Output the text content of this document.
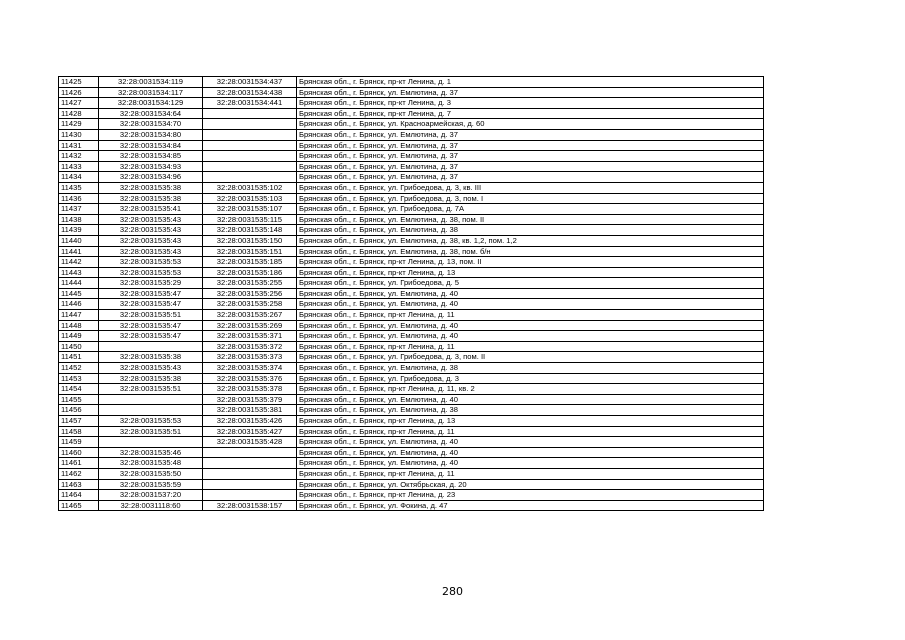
11425	32:28:0031534:119	32:28:0031534:437	Брянская обл., г. Брянск, пр-кт Ленина, д. 1
11426	32:28:0031534:117	32:28:0031534:438	Брянская обл., г. Брянск, ул. Емлютина, д. 37
11427	32:28:0031534:129	32:28:0031534:441	Брянская обл., г. Брянск, пр-кт Ленина, д. 3
11428	32:28:0031534:64		Брянская обл., г. Брянск, пр-кт Ленина, д. 7
11429	32:28:0031534:70		Брянская обл., г. Брянск, ул. Красноармейская, д. 60
11430	32:28:0031534:80		Брянская обл., г. Брянск, ул. Емлютина, д. 37
11431	32:28:0031534:84		Брянская обл., г. Брянск, ул. Емлютина, д. 37
11432	32:28:0031534:85		Брянская обл., г. Брянск, ул. Емлютина, д. 37
11433	32:28:0031534:93		Брянская обл., г. Брянск, ул. Емлютина, д. 37
11434	32:28:0031534:96		Брянская обл., г. Брянск, ул. Емлютина, д. 37
11435	32:28:0031535:38	32:28:0031535:102	Брянская обл., г. Брянск, ул. Грибоедова, д. 3, кв. III
11436	32:28:0031535:38	32:28:0031535:103	Брянская обл., г. Брянск, ул. Грибоедова, д. 3, пом. I
11437	32:28:0031535:41	32:28:0031535:107	Брянская обл., г. Брянск, ул. Грибоедова, д. 7А
11438	32:28:0031535:43	32:28:0031535:115	Брянская обл., г. Брянск, ул. Емлютина, д. 38, пом. II
11439	32:28:0031535:43	32:28:0031535:148	Брянская обл., г. Брянск, ул. Емлютина, д. 38
11440	32:28:0031535:43	32:28:0031535:150	Брянская обл., г. Брянск, ул. Емлютина, д. 38, кв. 1,2, пом. 1,2
11441	32:28:0031535:43	32:28:0031535:151	Брянская обл., г. Брянск, ул. Емлютина, д. 38, пом. б/н
11442	32:28:0031535:53	32:28:0031535:185	Брянская обл., г. Брянск, пр-кт Ленина, д. 13, пом. II
11443	32:28:0031535:53	32:28:0031535:186	Брянская обл., г. Брянск, пр-кт Ленина, д. 13
11444	32:28:0031535:29	32:28:0031535:255	Брянская обл., г. Брянск, ул. Грибоедова, д. 5
11445	32:28:0031535:47	32:28:0031535:256	Брянская обл., г. Брянск, ул. Емлютина, д. 40
11446	32:28:0031535:47	32:28:0031535:258	Брянская обл., г. Брянск, ул. Емлютина, д. 40
11447	32:28:0031535:51	32:28:0031535:267	Брянская обл., г. Брянск, пр-кт Ленина, д. 11
11448	32:28:0031535:47	32:28:0031535:269	Брянская обл., г. Брянск, ул. Емлютина, д. 40
11449	32:28:0031535:47	32:28:0031535:371	Брянская обл., г. Брянск, ул. Емлютина, д. 40
11450		32:28:0031535:372	Брянская обл., г. Брянск, пр-кт Ленина, д. 11
11451	32:28:0031535:38	32:28:0031535:373	Брянская обл., г. Брянск, ул. Грибоедова, д. 3, пом. II
11452	32:28:0031535:43	32:28:0031535:374	Брянская обл., г. Брянск, ул. Емлютина, д. 38
11453	32:28:0031535:38	32:28:0031535:376	Брянская обл., г. Брянск, ул. Грибоедова, д. 3
11454	32:28:0031535:51	32:28:0031535:378	Брянская обл., г. Брянск, пр-кт Ленина, д. 11, кв. 2
11455		32:28:0031535:379	Брянская обл., г. Брянск, ул. Емлютина, д. 40
11456		32:28:0031535:381	Брянская обл., г. Брянск, ул. Емлютина, д. 38
11457	32:28:0031535:53	32:28:0031535:426	Брянская обл., г. Брянск, пр-кт Ленина, д. 13
11458	32:28:0031535:51	32:28:0031535:427	Брянская обл., г. Брянск, пр-кт Ленина, д. 11
11459		32:28:0031535:428	Брянская обл., г. Брянск, ул. Емлютина, д. 40
11460	32:28:0031535:46		Брянская обл., г. Брянск, ул. Емлютина, д. 40
11461	32:28:0031535:48		Брянская обл., г. Брянск, ул. Емлютина, д. 40
11462	32:28:0031535:50		Брянская обл., г. Брянск, пр-кт Ленина, д. 11
11463	32:28:0031535:59		Брянская обл., г. Брянск, ул. Октябрьская, д. 20
11464	32:28:0031537:20		Брянская обл., г. Брянск, пр-кт Ленина, д. 23
11465	32:28:0031118:60	32:28:0031538:157	Брянская обл., г. Брянск, ул. Фокина, д. 47
280
